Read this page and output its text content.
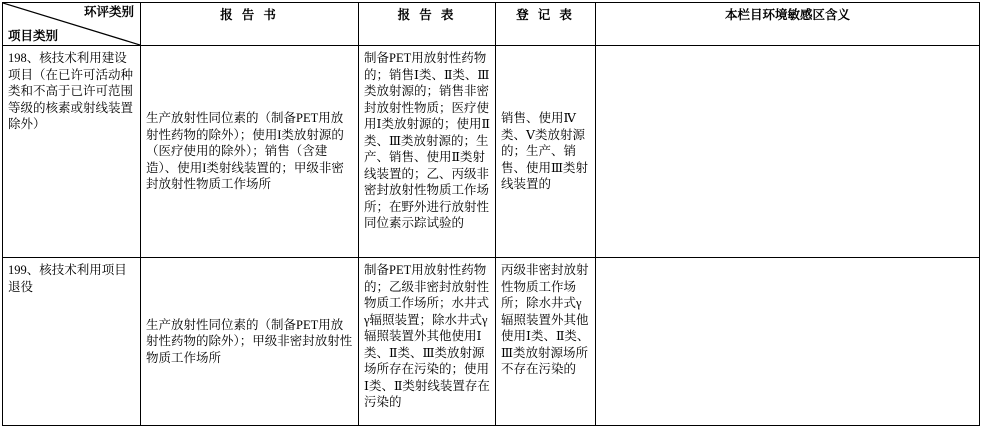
环评类别
项目类别	报 告 书	报 告 表	登 记 表	本栏目环境敏感区含义
198、核技术利用建设项目（在已许可活动种类和不高于已许可范围等级的核素或射线装置除外）	生产放射性同位素的（制备PET用放射性药物的除外）；使用I类放射源的（医疗使用的除外）；销售（含建造）、使用I类射线装置的；甲级非密封放射性物质工作场所	制备PET用放射性药物的；销售Ⅰ类、Ⅱ类、Ⅲ类放射源的；销售非密封放射性物质；医疗使用Ⅰ类放射源的；使用Ⅱ类、Ⅲ类放射源的；生产、销售、使用Ⅱ类射线装置的；乙、丙级非密封放射性物质工作场所；在野外进行放射性同位素示踪试验的	销售、使用Ⅳ类、Ⅴ类放射源的；生产、销售、使用Ⅲ类射线装置的	
199、核技术利用项目退役	生产放射性同位素的（制备PET用放射性药物的除外）；甲级非密封放射性物质工作场所	制备PET用放射性药物的；乙级非密封放射性物质工作场所；水井式γ辐照装置；除水井式γ辐照装置外其他使用Ⅰ类、Ⅱ类、Ⅲ类放射源场所存在污染的；使用Ⅰ类、Ⅱ类射线装置存在污染的	丙级非密封放射性物质工作场所；除水井式γ辐照装置外其他使用Ⅰ类、Ⅱ类、Ⅲ类放射源场所不存在污染的	
